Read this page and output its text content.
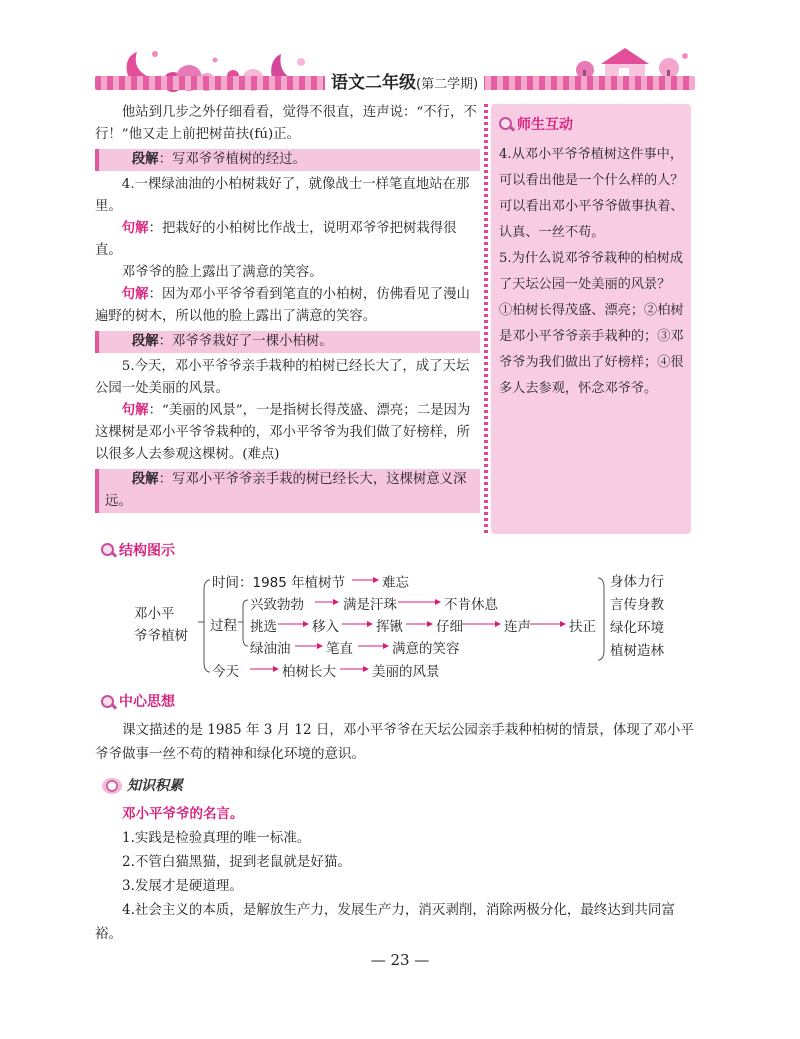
语文二年级(第二学期)

他站到几步之外仔细看看，觉得不很直，连声说：“不行，不行！”他又走上前把树苗扶(fú)正。

段解：写邓爷爷植树的经过。

4.一棵绿油油的小柏树栽好了，就像战士一样笔直地站在那里。

句解：把栽好的小柏树比作战士，说明邓爷爷把树栽得很直。

邓爷爷的脸上露出了满意的笑容。

句解：因为邓小平爷爷看到笔直的小柏树，仿佛看见了漫山遍野的树木，所以他的脸上露出了满意的笑容。

段解：邓爷爷栽好了一棵小柏树。

5.今天，邓小平爷爷亲手栽种的柏树已经长大了，成了天坛公园一处美丽的风景。

句解：“美丽的风景”，一是指树长得茂盛、漂亮；二是因为这棵树是邓小平爷爷栽种的，邓小平爷爷为我们做了好榜样，所以很多人去参观这棵树。(难点)

段解：写邓小平爷爷亲手栽的树已经长大，这棵树意义深远。
师生互动

4.从邓小平爷爷植树这件事中，可以看出他是一个什么样的人？

可以看出邓小平爷爷做事执着、认真、一丝不苟。

5.为什么说邓爷爷栽种的柏树成了天坛公园一处美丽的风景？

①柏树长得茂盛、漂亮；②柏树是邓小平爷爷亲手栽种的；③邓爷爷为我们做出了好榜样；④很多人去参观，怀念邓爷爷。

结构图示
邓小平
爷爷植树
时间：1985 年植树节	难忘
过程
兴致勃勃	满是汗珠	不肯休息
挑选	移入	挥锹 仔细	连声	扶正
绿油油	笔直	满意的笑容
今天	柏树长大	美丽的风景
身体力行
言传身教
绿化环境
植树造林
中心思想

课文描述的是 1985 年 3 月 12 日，邓小平爷爷在天坛公园亲手栽种柏树的情景，体现了邓小平爷爷做事一丝不苟的精神和绿化环境的意识。

知识积累

邓小平爷爷的名言。

1.实践是检验真理的唯一标准。

2.不管白猫黑猫，捉到老鼠就是好猫。

3.发展才是硬道理。

4.社会主义的本质，是解放生产力，发展生产力，消灭剥削，消除两极分化，最终达到共同富裕。

— 23 —
